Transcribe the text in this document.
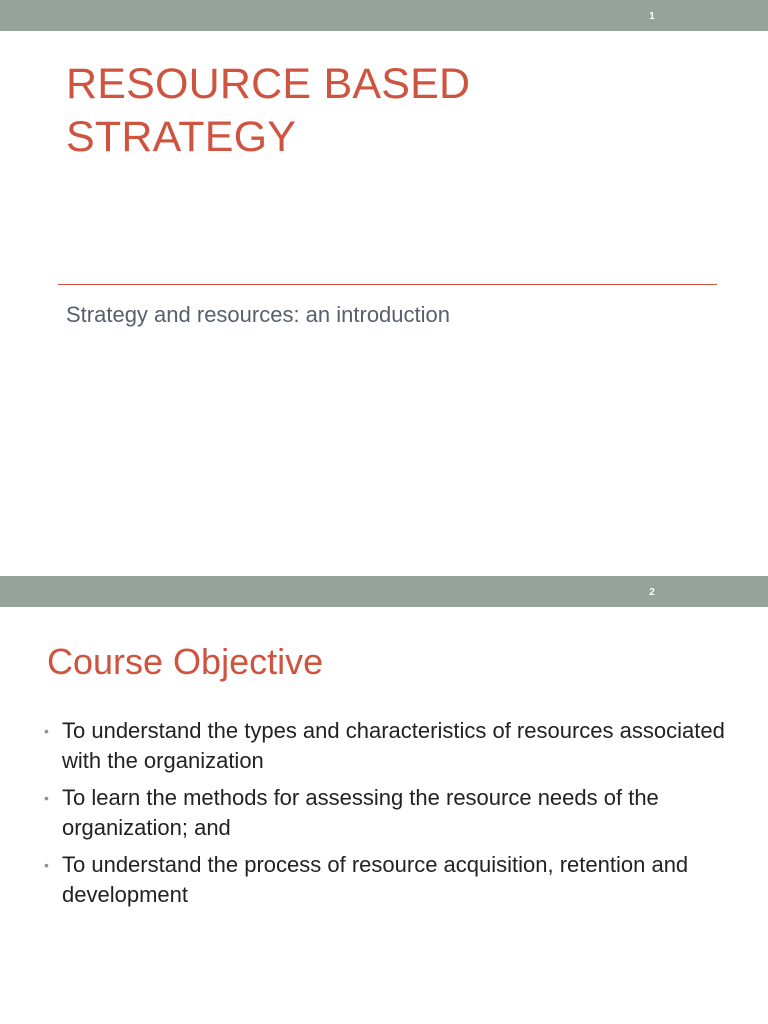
1
RESOURCE BASED STRATEGY

Strategy and resources: an introduction

2
Course Objective
• To understand the types and characteristics of resources associated with the organization
• To learn the methods for assessing the resource needs of the organization; and
• To understand the process of resource acquisition, retention and development
